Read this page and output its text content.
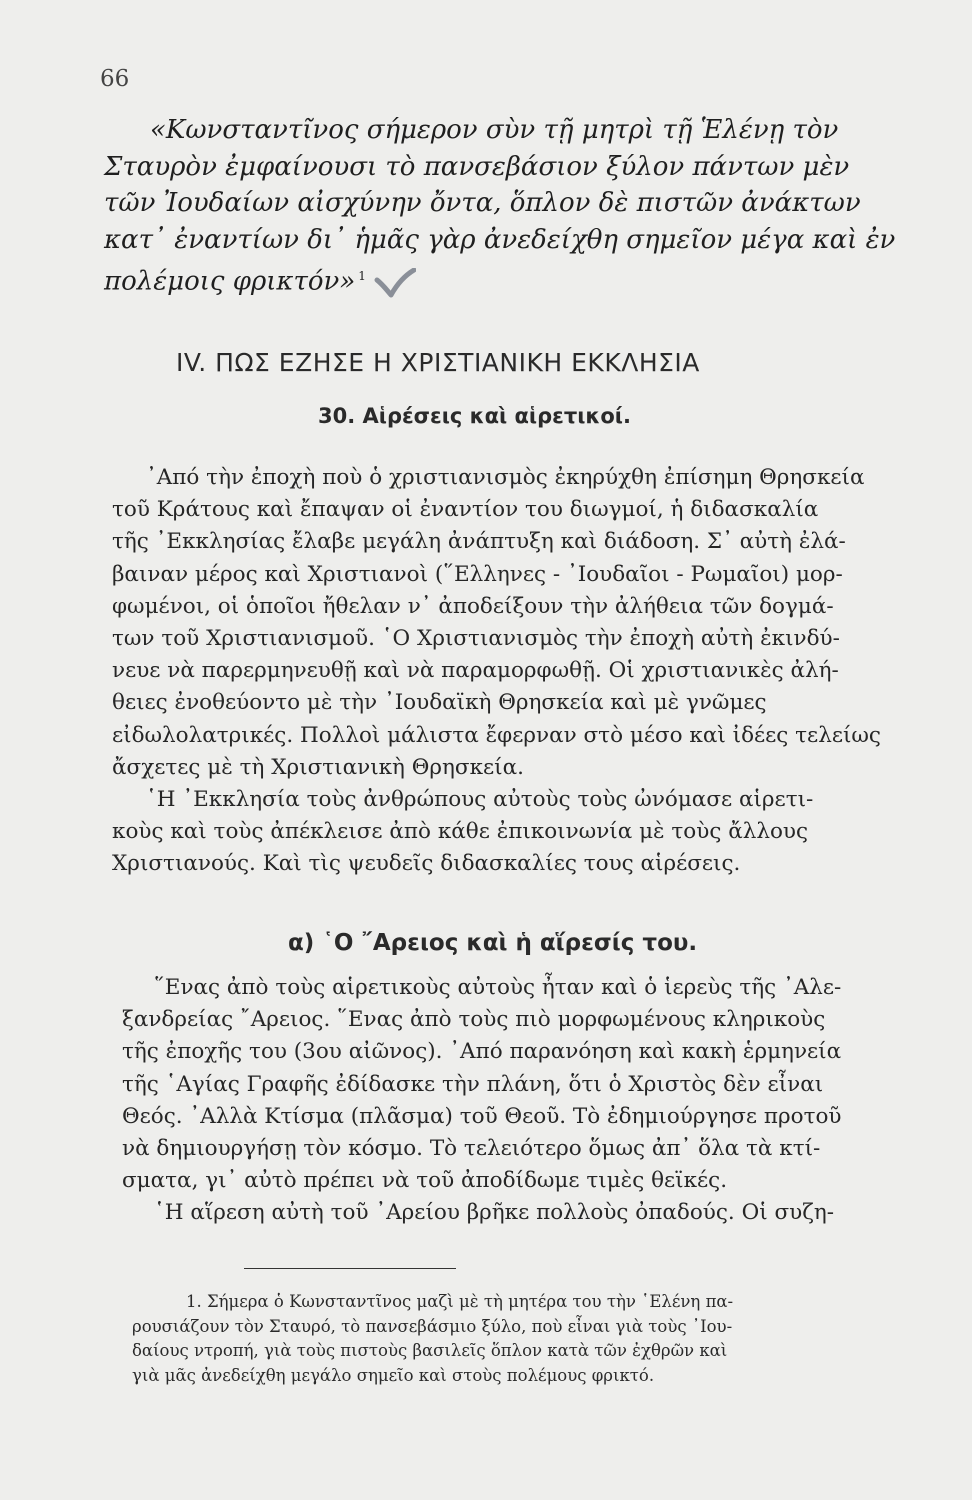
66

«Κωνσταντῖνος σήμερον σὺν τῇ μητρὶ τῇ Ἑλένῃ τὸν

Σταυρὸν ἐμφαίνουσι τὸ πανσεβάσιον ξύλον πάντων μὲν

τῶν Ἰουδαίων αἰσχύνην ὄντα, ὅπλον δὲ πιστῶν ἀνάκτων

κατ᾽ ἐναντίων δι᾽ ἡμᾶς γὰρ ἀνεδείχθη σημεῖον μέγα καὶ ἐν

πολέμοις φρικτόν» $^1$

IV. ΠΩΣ ΕΖΗΣΕ Η ΧΡΙΣΤΙΑΝΙΚΗ ΕΚΚΛΗΣΙΑ
30. Αἱρέσεις καὶ αἱρετικοί.

᾽Από τὴν ἐποχὴ ποὺ ὁ χριστιανισμὸς ἐκηρύχθη ἐπίσημη Θρησκεία

τοῦ Κράτους καὶ ἔπαψαν οἱ ἐναντίον του διωγμοί, ἡ διδασκαλία

τῆς ᾽Εκκλησίας ἔλαβε μεγάλη ἀνάπτυξη καὶ διάδοση. Σ᾽ αὐτὴ ἐλά-

βαιναν μέρος καὶ Χριστιανοὶ (῞Ελληνες - ᾽Ιουδαῖοι - Ρωμαῖοι) μορ-

φωμένοι, οἱ ὁποῖοι ἤθελαν ν᾽ ἀποδείξουν τὴν ἀλήθεια τῶν δογμά-

των τοῦ Χριστιανισμοῦ. ῾Ο Χριστιανισμὸς τὴν ἐποχὴ αὐτὴ ἐκινδύ-

νευε νὰ παρερμηνευθῇ καὶ νὰ παραμορφωθῇ. Οἱ χριστιανικὲς ἀλή-

θειες ἐνοθεύοντο μὲ τὴν ᾽Ιουδαϊκὴ Θρησκεία καὶ μὲ γνῶμες

εἰδωλολατρικές. Πολλοὶ μάλιστα ἔφερναν στὸ μέσο καὶ ἰδέες τελείως

ἄσχετες μὲ τὴ Χριστιανικὴ Θρησκεία.

῾Η ᾽Εκκλησία τοὺς ἀνθρώπους αὐτοὺς τοὺς ὠνόμασε αἱρετι-

κοὺς καὶ τοὺς ἀπέκλεισε ἀπὸ κάθε ἐπικοινωνία μὲ τοὺς ἄλλους

Χριστιανούς. Καὶ τὶς ψευδεῖς διδασκαλίες τους αἱρέσεις.

α) ῾Ο ῎Αρειος καὶ ἡ αἵρεσίς του.

῞Ενας ἀπὸ τοὺς αἱρετικοὺς αὐτοὺς ἦταν καὶ ὁ ἱερεὺς τῆς ᾽Αλε-

ξανδρείας ῎Αρειος. ῞Ενας ἀπὸ τοὺς πιὸ μορφωμένους κληρικοὺς

τῆς ἐποχῆς του (3ου αἰῶνος). ᾽Από παρανόηση καὶ κακὴ ἑρμηνεία

τῆς ῾Αγίας Γραφῆς ἐδίδασκε τὴν πλάνη, ὅτι ὁ Χριστὸς δὲν εἶναι

Θεός. ᾽Αλλὰ Κτίσμα (πλᾶσμα) τοῦ Θεοῦ. Τὸ ἐδημιούργησε προτοῦ

νὰ δημιουργήσῃ τὸν κόσμο. Τὸ τελειότερο ὅμως ἀπ᾽ ὅλα τὰ κτί-

σματα, γι᾽ αὐτὸ πρέπει νὰ τοῦ ἀποδίδωμε τιμὲς θεϊκές.

῾Η αἵρεση αὐτὴ τοῦ ᾽Αρείου βρῆκε πολλοὺς ὀπαδούς. Οἱ συζη-

1. Σήμερα ὁ Κωνσταντῖνος μαζὶ μὲ τὴ μητέρα του τὴν ῾Ελένη πα-

ρουσιάζουν τὸν Σταυρό, τὸ πανσεβάσμιο ξύλο, ποὺ εἶναι γιὰ τοὺς ᾽Ιου-

δαίους ντροπή, γιὰ τοὺς πιστοὺς βασιλεῖς ὅπλον κατὰ τῶν ἐχθρῶν καὶ

γιὰ μᾶς ἀνεδείχθη μεγάλο σημεῖο καὶ στοὺς πολέμους φρικτό.
